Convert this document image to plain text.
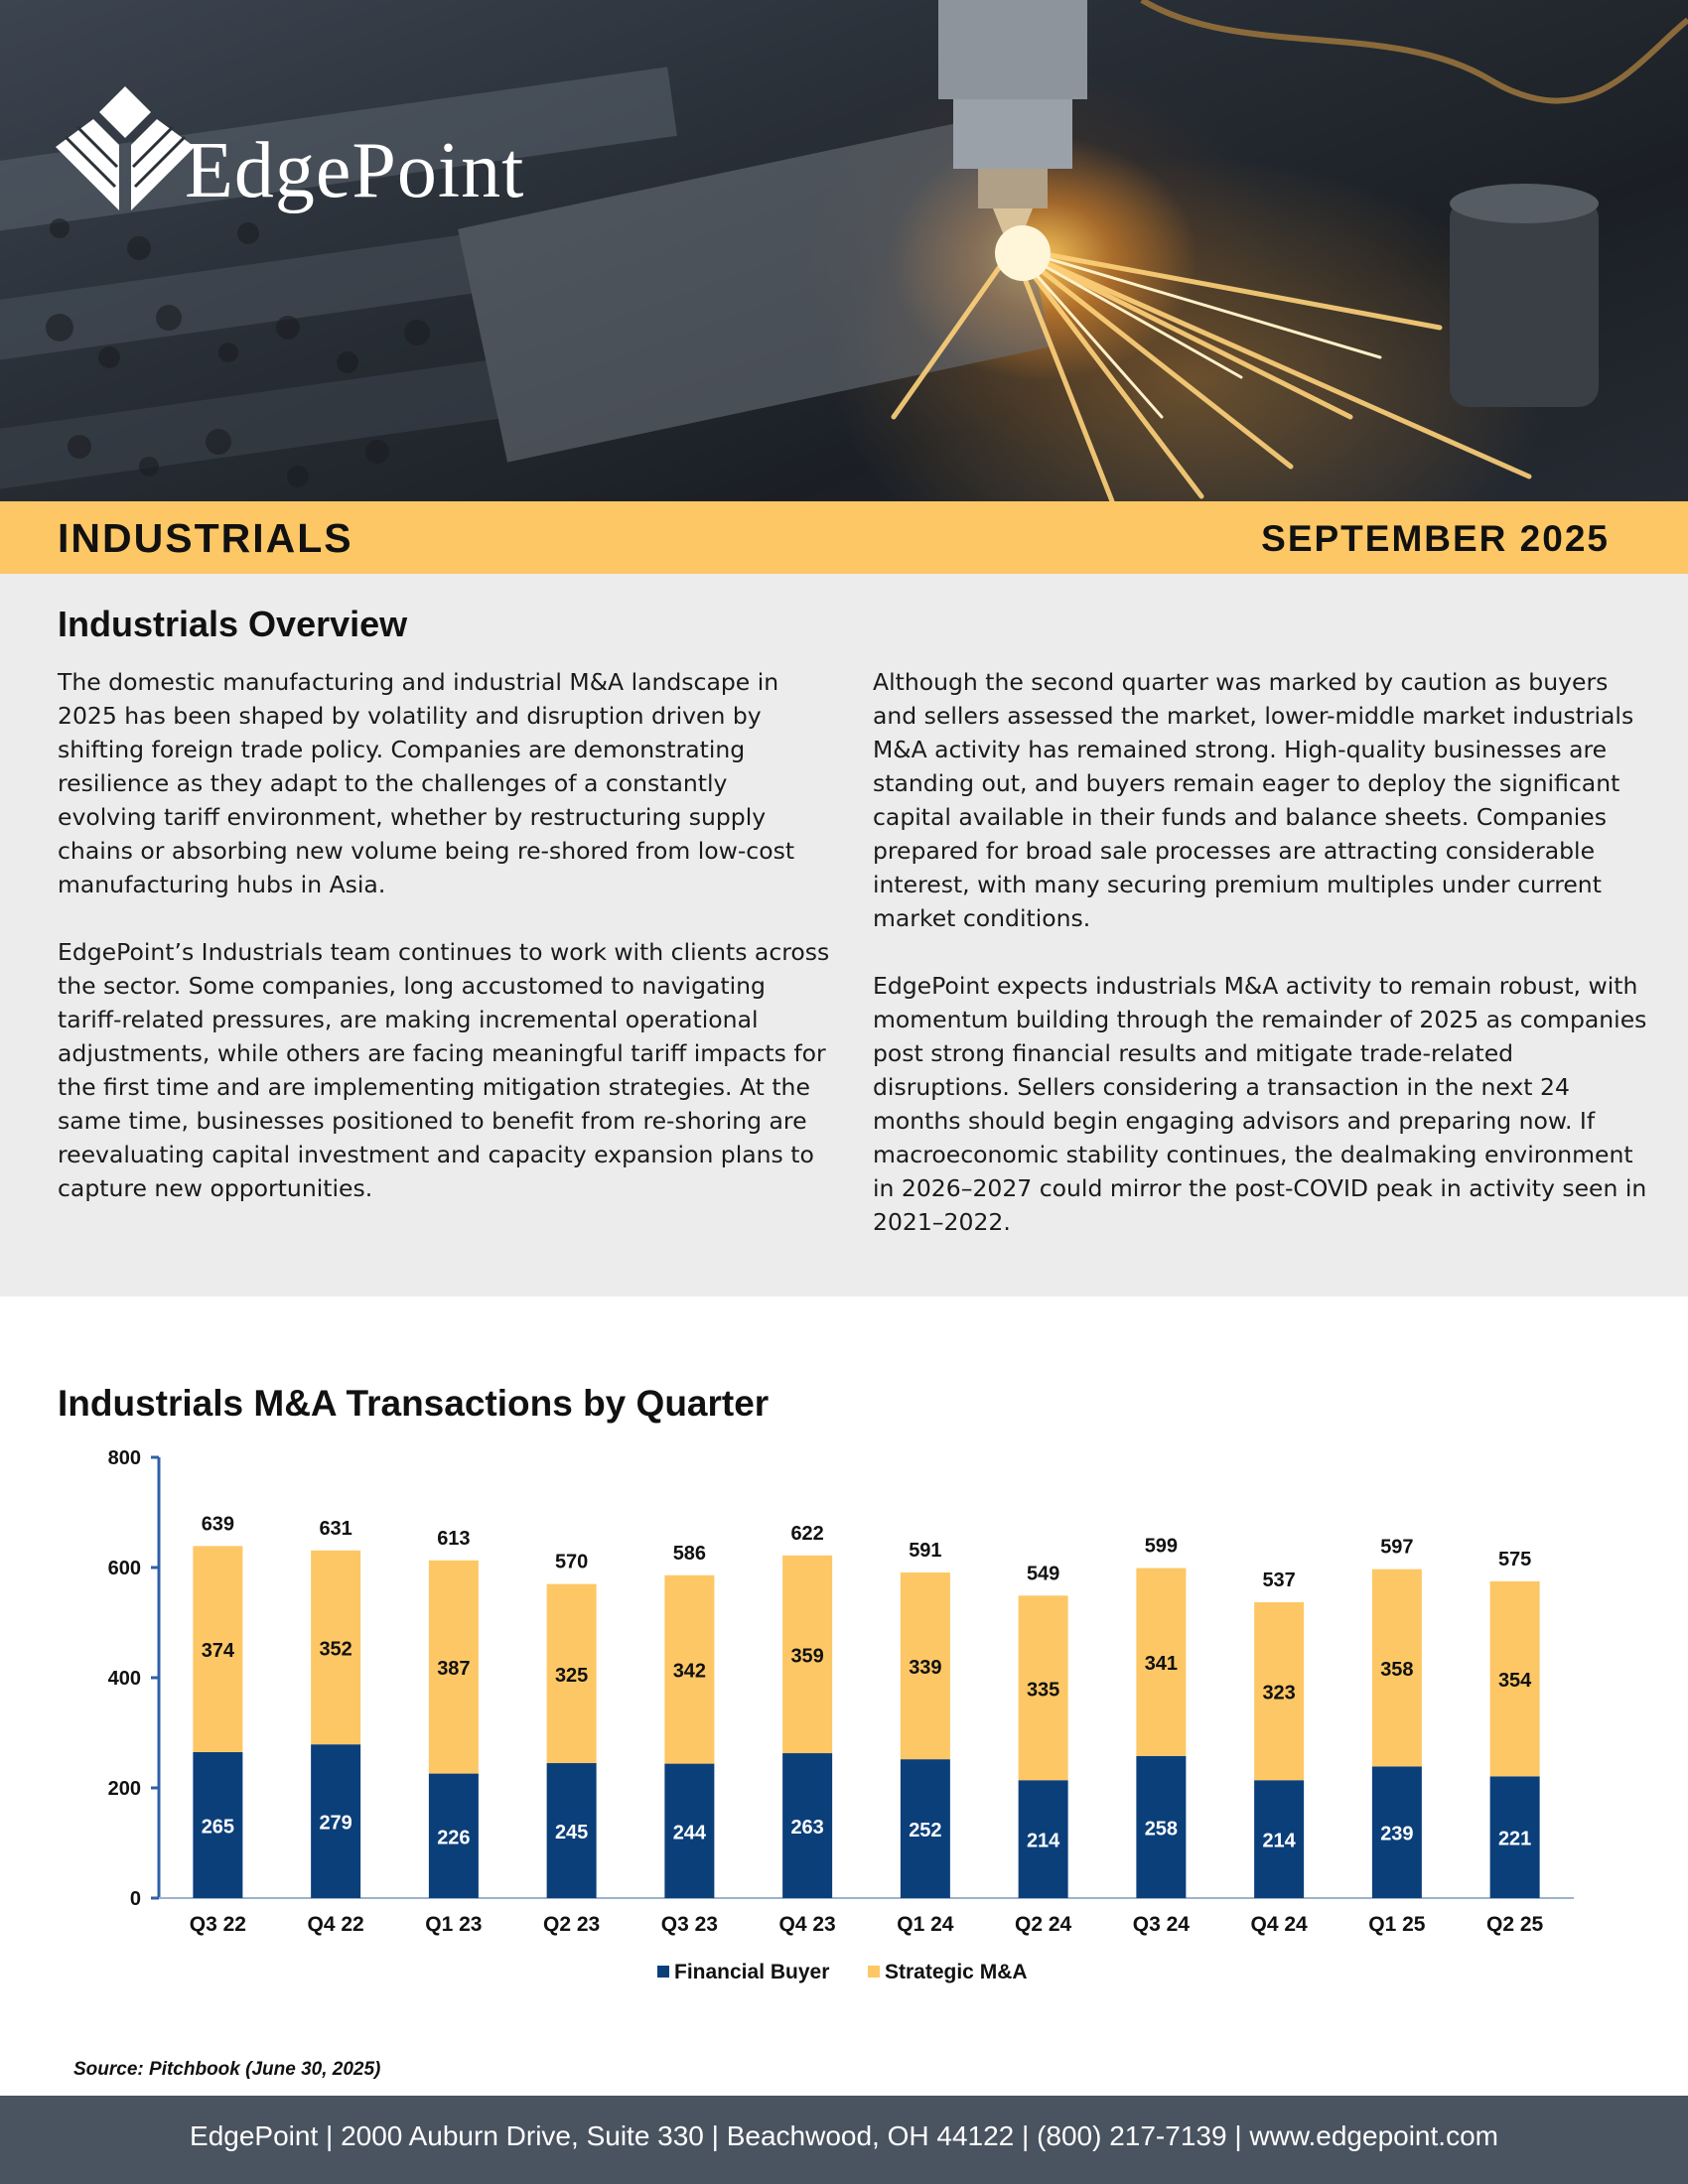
EdgePoint
INDUSTRIALS	SEPTEMBER 2025
Industrials Overview

The domestic manufacturing and industrial M&A landscape in 2025 has been shaped by volatility and disruption driven by shifting foreign trade policy. Companies are demonstrating resilience as they adapt to the challenges of a constantly evolving tariff environment, whether by restructuring supply chains or absorbing new volume being re-shored from low-cost manufacturing hubs in Asia.

EdgePoint’s Industrials team continues to work with clients across the sector. Some companies, long accustomed to navigating tariff-related pressures, are making incremental operational adjustments, while others are facing meaningful tariff impacts for the first time and are implementing mitigation strategies. At the same time, businesses positioned to benefit from re-shoring are reevaluating capital investment and capacity expansion plans to capture new opportunities.

Although the second quarter was marked by caution as buyers and sellers assessed the market, lower-middle market industrials M&A activity has remained strong. High-quality businesses are standing out, and buyers remain eager to deploy the significant capital available in their funds and balance sheets. Companies prepared for broad sale processes are attracting considerable interest, with many securing premium multiples under current market conditions.

EdgePoint expects industrials M&A activity to remain robust, with momentum building through the remainder of 2025 as companies post strong financial results and mitigate trade-related disruptions. Sellers considering a transaction in the next 24 months should begin engaging advisors and preparing now. If macroeconomic stability continues, the dealmaking environment in 2026–2027 could mirror the post-COVID peak in activity seen in 2021–2022.

Industrials M&A Transactions by Quarter
0
200
400
600
800
265
374
639
Q3 22
279
352
631
Q4 22
226
387
613
Q1 23
245
325
570
Q2 23
244
342
586
Q3 23
263
359
622
Q4 23
252
339
591
Q1 24
214
335
549
Q2 24
258
341
599
Q3 24
214
323
537
Q4 24
239
358
597
Q1 25
221
354
575
Q2 25
Financial Buyer	Strategic M&A
Source: Pitchbook (June 30, 2025)
EdgePoint | 2000 Auburn Drive, Suite 330 | Beachwood, OH 44122 | (800) 217-7139 | www.edgepoint.com
